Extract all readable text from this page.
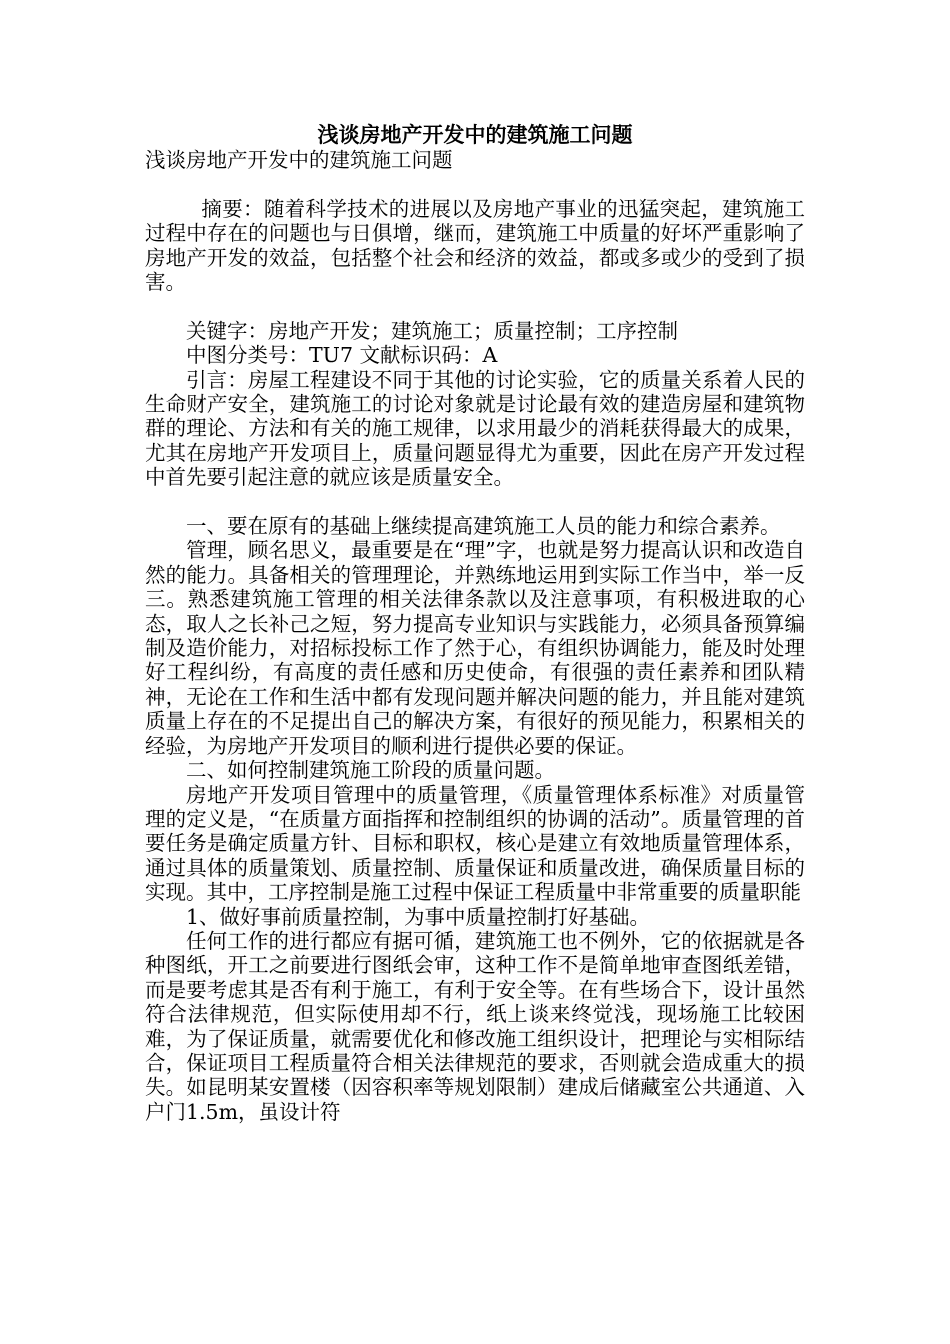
浅谈房地产开发中的建筑施工问题

浅谈房地产开发中的建筑施工问题

摘要：随着科学技术的进展以及房地产事业的迅猛突起，建筑施工过程中存在的问题也与日俱增，继而，建筑施工中质量的好坏严重影响了房地产开发的效益，包括整个社会和经济的效益，都或多或少的受到了损害。

关键字：房地产开发；建筑施工；质量控制；工序控制

中图分类号：TU7 文献标识码：A

引言：房屋工程建设不同于其他的讨论实验，它的质量关系着人民的生命财产安全，建筑施工的讨论对象就是讨论最有效的建造房屋和建筑物群的理论、方法和有关的施工规律，以求用最少的消耗获得最大的成果，尤其在房地产开发项目上，质量问题显得尤为重要，因此在房产开发过程中首先要引起注意的就应该是质量安全。

一、要在原有的基础上继续提高建筑施工人员的能力和综合素养。

管理，顾名思义，最重要是在“理”字，也就是努力提高认识和改造自然的能力。具备相关的管理理论，并熟练地运用到实际工作当中，举一反三。熟悉建筑施工管理的相关法律条款以及注意事项，有积极进取的心态，取人之长补己之短，努力提高专业知识与实践能力，必须具备预算编制及造价能力，对招标投标工作了然于心，有组织协调能力，能及时处理好工程纠纷，有高度的责任感和历史使命，有很强的责任素养和团队精神，无论在工作和生活中都有发现问题并解决问题的能力，并且能对建筑质量上存在的不足提出自己的解决方案，有很好的预见能力，积累相关的经验，为房地产开发项目的顺利进行提供必要的保证。

二、如何控制建筑施工阶段的质量问题。

房地产开发项目管理中的质量管理，《质量管理体系标准》对质量管理的定义是，“在质量方面指挥和控制组织的协调的活动”。质量管理的首要任务是确定质量方针、目标和职权，核心是建立有效地质量管理体系，通过具体的质量策划、质量控制、质量保证和质量改进，确保质量目标的实现。其中，工序控制是施工过程中保证工程质量中非常重要的质量职能

1、做好事前质量控制，为事中质量控制打好基础。

任何工作的进行都应有据可循，建筑施工也不例外，它的依据就是各种图纸，开工之前要进行图纸会审，这种工作不是简单地审查图纸差错，而是要考虑其是否有利于施工，有利于安全等。在有些场合下，设计虽然符合法律规范，但实际使用却不行，纸上谈来终觉浅，现场施工比较困难，为了保证质量，就需要优化和修改施工组织设计，把理论与实相际结合，保证项目工程质量符合相关法律规范的要求，否则就会造成重大的损失。如昆明某安置楼（因容积率等规划限制）建成后储藏室公共通道、入户门1.5m，虽设计符
